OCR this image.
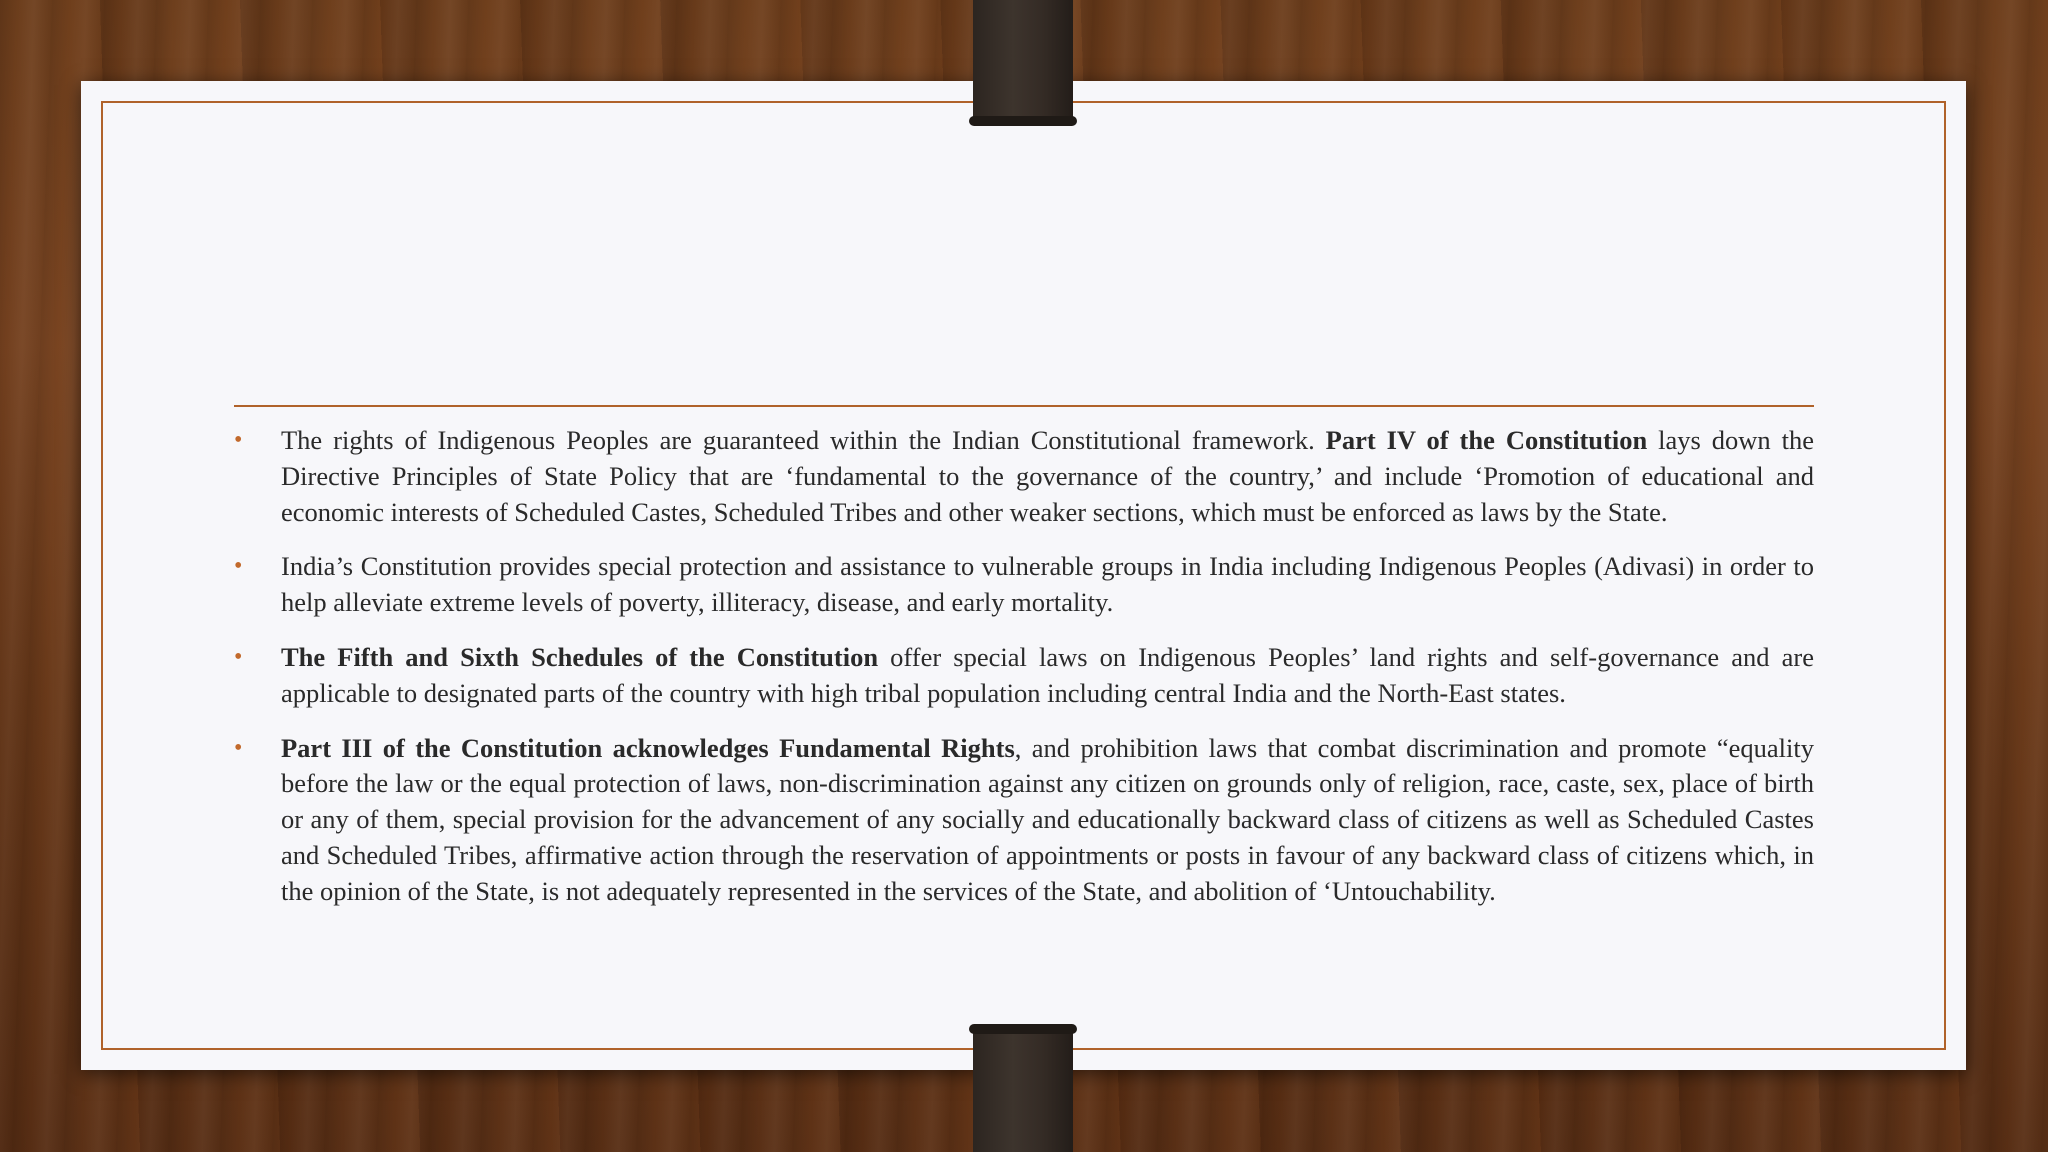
• The rights of Indigenous Peoples are guaranteed within the Indian Constitutional framework. Part IV of the Constitution lays down the Directive Principles of State Policy that are ‘fundamental to the governance of the country,’ and include ‘Promotion of educational and economic interests of Scheduled Castes, Scheduled Tribes and other weaker sections, which must be enforced as laws by the State.
• India’s Constitution provides special protection and assistance to vulnerable groups in India including Indigenous Peoples (Adivasi) in order to help alleviate extreme levels of poverty, illiteracy, disease, and early mortality.
• The Fifth and Sixth Schedules of the Constitution offer special laws on Indigenous Peoples’ land rights and self-governance and are applicable to designated parts of the country with high tribal population including central India and the North-East states.
• Part III of the Constitution acknowledges Fundamental Rights, and prohibition laws that combat discrimination and promote “equality before the law or the equal protection of laws, non-discrimination against any citizen on grounds only of religion, race, caste, sex, place of birth or any of them, special provision for the advancement of any socially and educationally backward class of citizens as well as Scheduled Castes and Scheduled Tribes, affirmative action through the reservation of appointments or posts in favour of any backward class of citizens which, in the opinion of the State, is not adequately represented in the services of the State, and abolition of ‘Untouchability.
